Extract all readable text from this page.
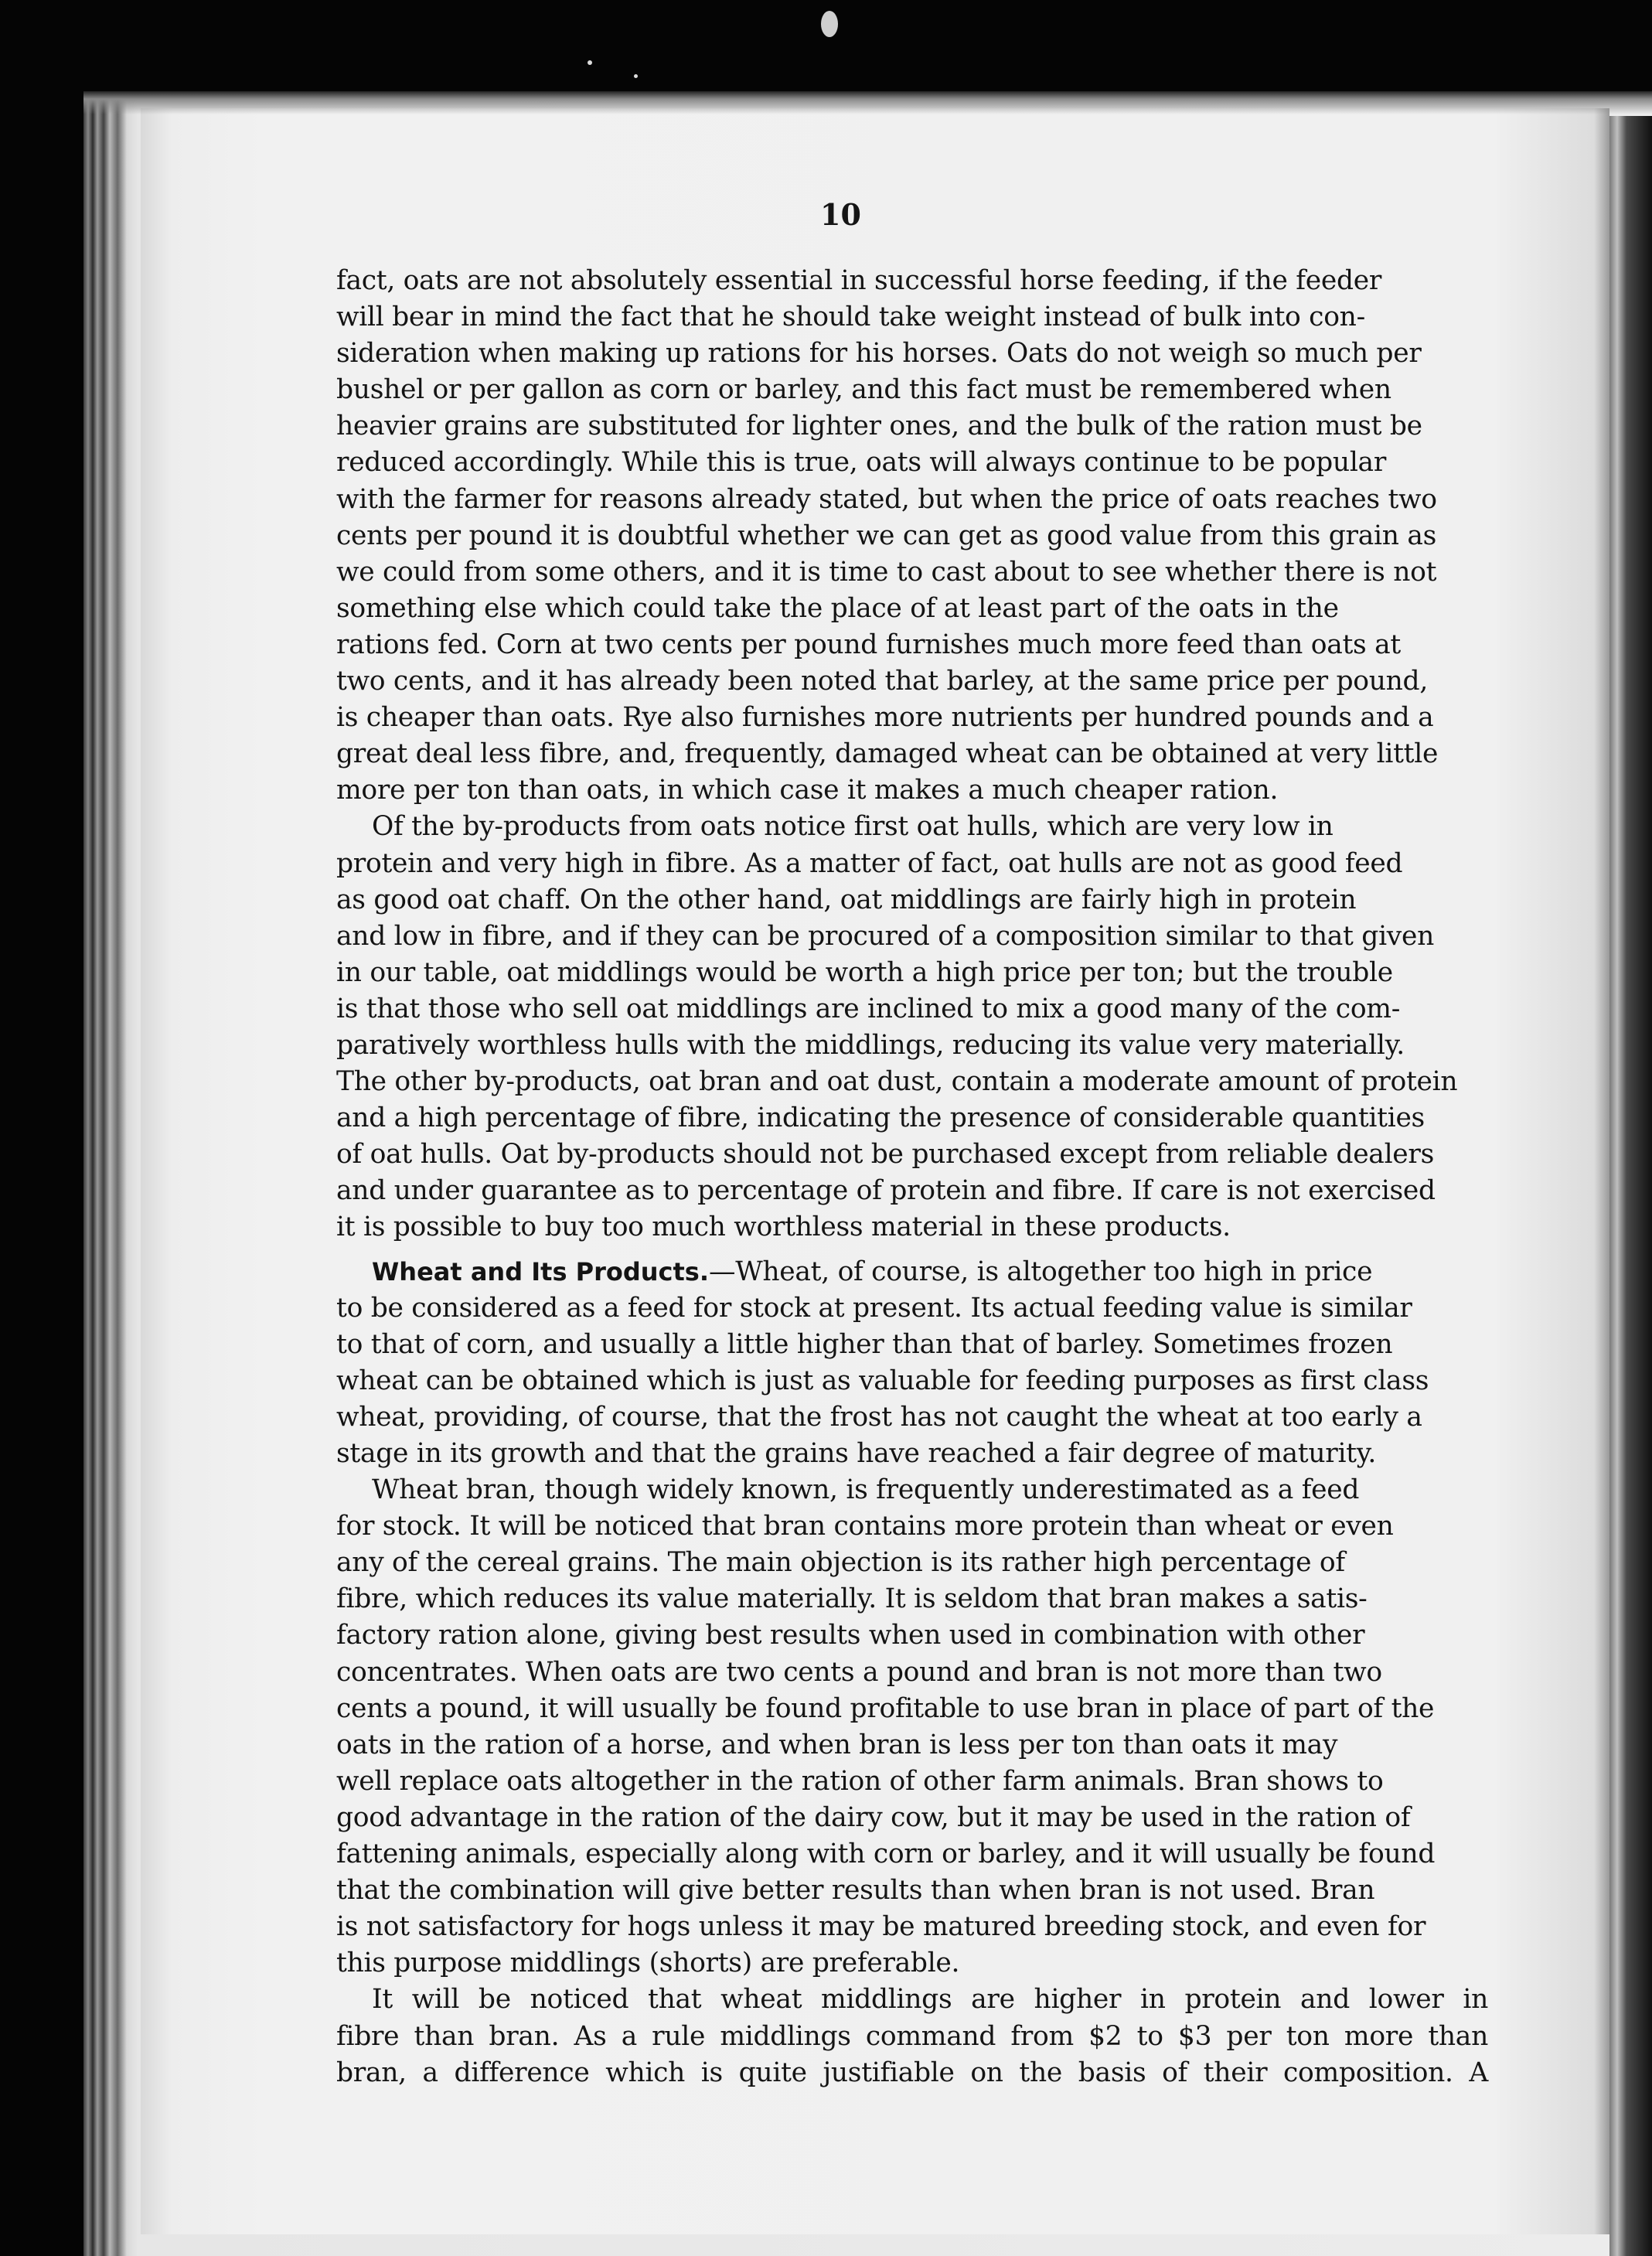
10

fact, oats are not absolutely essential in successful horse feeding, if the feeder
will bear in mind the fact that he should take weight instead of bulk into con-
sideration when making up rations for his horses. Oats do not weigh so much per
bushel or per gallon as corn or barley, and this fact must be remembered when
heavier grains are substituted for lighter ones, and the bulk of the ration must be
reduced accordingly. While this is true, oats will always continue to be popular
with the farmer for reasons already stated, but when the price of oats reaches two
cents per pound it is doubtful whether we can get as good value from this grain as
we could from some others, and it is time to cast about to see whether there is not
something else which could take the place of at least part of the oats in the
rations fed. Corn at two cents per pound furnishes much more feed than oats at
two cents, and it has already been noted that barley, at the same price per pound,
is cheaper than oats. Rye also furnishes more nutrients per hundred pounds and a
great deal less fibre, and, frequently, damaged wheat can be obtained at very little
more per ton than oats, in which case it makes a much cheaper ration.

Of the by-products from oats notice first oat hulls, which are very low in
protein and very high in fibre. As a matter of fact, oat hulls are not as good feed
as good oat chaff. On the other hand, oat middlings are fairly high in protein
and low in fibre, and if they can be procured of a composition similar to that given
in our table, oat middlings would be worth a high price per ton; but the trouble
is that those who sell oat middlings are inclined to mix a good many of the com-
paratively worthless hulls with the middlings, reducing its value very materially.
The other by-products, oat bran and oat dust, contain a moderate amount of protein
and a high percentage of fibre, indicating the presence of considerable quantities
of oat hulls. Oat by-products should not be purchased except from reliable dealers
and under guarantee as to percentage of protein and fibre. If care is not exercised
it is possible to buy too much worthless material in these products.

Wheat and Its Products.—Wheat, of course, is altogether too high in price
to be considered as a feed for stock at present. Its actual feeding value is similar
to that of corn, and usually a little higher than that of barley. Sometimes frozen
wheat can be obtained which is just as valuable for feeding purposes as first class
wheat, providing, of course, that the frost has not caught the wheat at too early a
stage in its growth and that the grains have reached a fair degree of maturity.

Wheat bran, though widely known, is frequently underestimated as a feed
for stock. It will be noticed that bran contains more protein than wheat or even
any of the cereal grains. The main objection is its rather high percentage of
fibre, which reduces its value materially. It is seldom that bran makes a satis-
factory ration alone, giving best results when used in combination with other
concentrates. When oats are two cents a pound and bran is not more than two
cents a pound, it will usually be found profitable to use bran in place of part of the
oats in the ration of a horse, and when bran is less per ton than oats it may
well replace oats altogether in the ration of other farm animals. Bran shows to
good advantage in the ration of the dairy cow, but it may be used in the ration of
fattening animals, especially along with corn or barley, and it will usually be found
that the combination will give better results than when bran is not used. Bran
is not satisfactory for hogs unless it may be matured breeding stock, and even for
this purpose middlings (shorts) are preferable.

It will be noticed that wheat middlings are higher in protein and lower in
fibre than bran. As a rule middlings command from $2 to $3 per ton more than
bran, a difference which is quite justifiable on the basis of their composition. A
